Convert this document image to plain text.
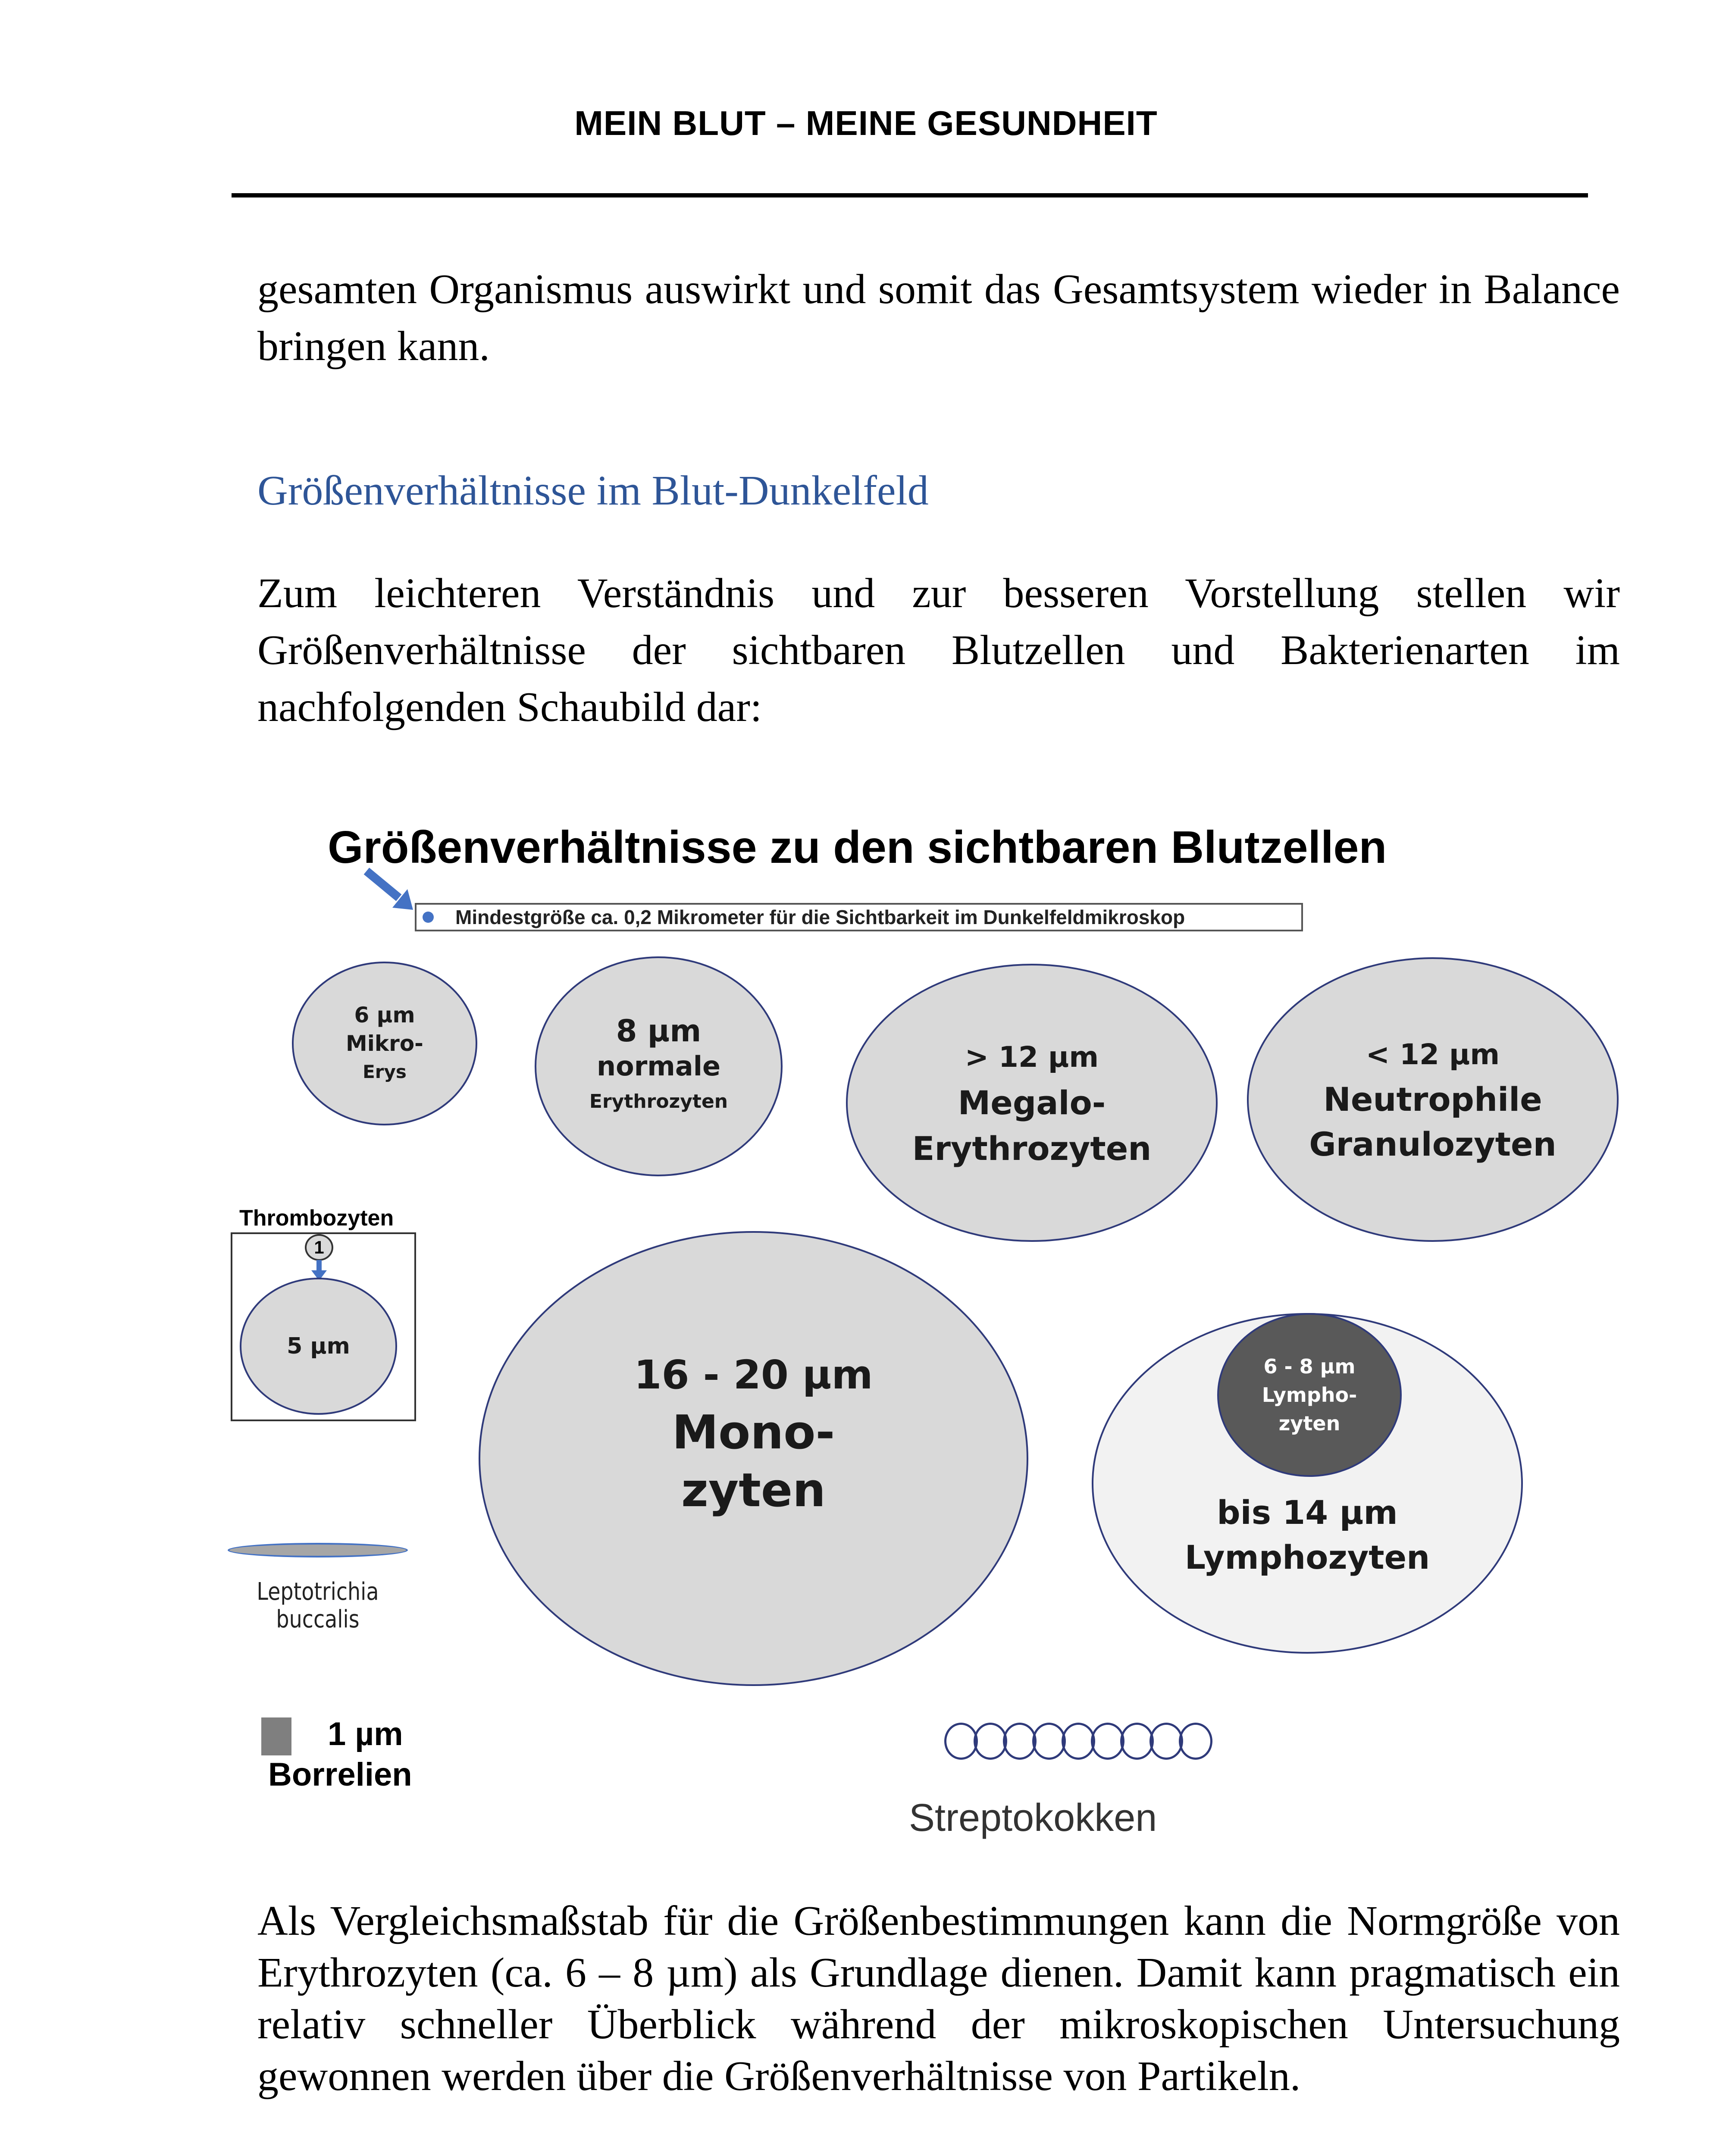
MEIN BLUT – MEINE GESUNDHEIT
gesamten Organismus auswirkt und somit das Gesamtsystem wieder in Balance bringen kann.
Größenverhältnisse im Blut-Dunkelfeld
Zum leichteren Verständnis und zur besseren Vorstellung stellen wir Größenverhältnisse der sichtbaren Blutzellen und Bakterienarten im nachfolgenden Schaubild dar:
Größenverhältnisse zu den sichtbaren Blutzellen
Mindestgröße ca. 0,2 Mikrometer für die Sichtbarkeit im Dunkelfeldmikroskop
6 µm
Mikro-
Erys
8 µm
normale
Erythrozyten
> 12 µm
Megalo-
Erythrozyten
< 12 µm
Neutrophile
Granulozyten
Thrombozyten
1
5 µm
16 - 20 µm
Mono-
zyten	bis 14 µm
Lymphozyten
6 - 8 µm
Lympho-
zyten
Leptotrichia
buccalis
1 µm
Borrelien
Streptokokken
Als Vergleichsmaßstab für die Größenbestimmungen kann die Normgröße von Erythrozyten (ca. 6 – 8 µm) als Grundlage dienen. Damit kann pragmatisch ein relativ schneller Überblick während der mikroskopischen Untersuchung gewonnen werden über die Größenverhältnisse von Partikeln.
